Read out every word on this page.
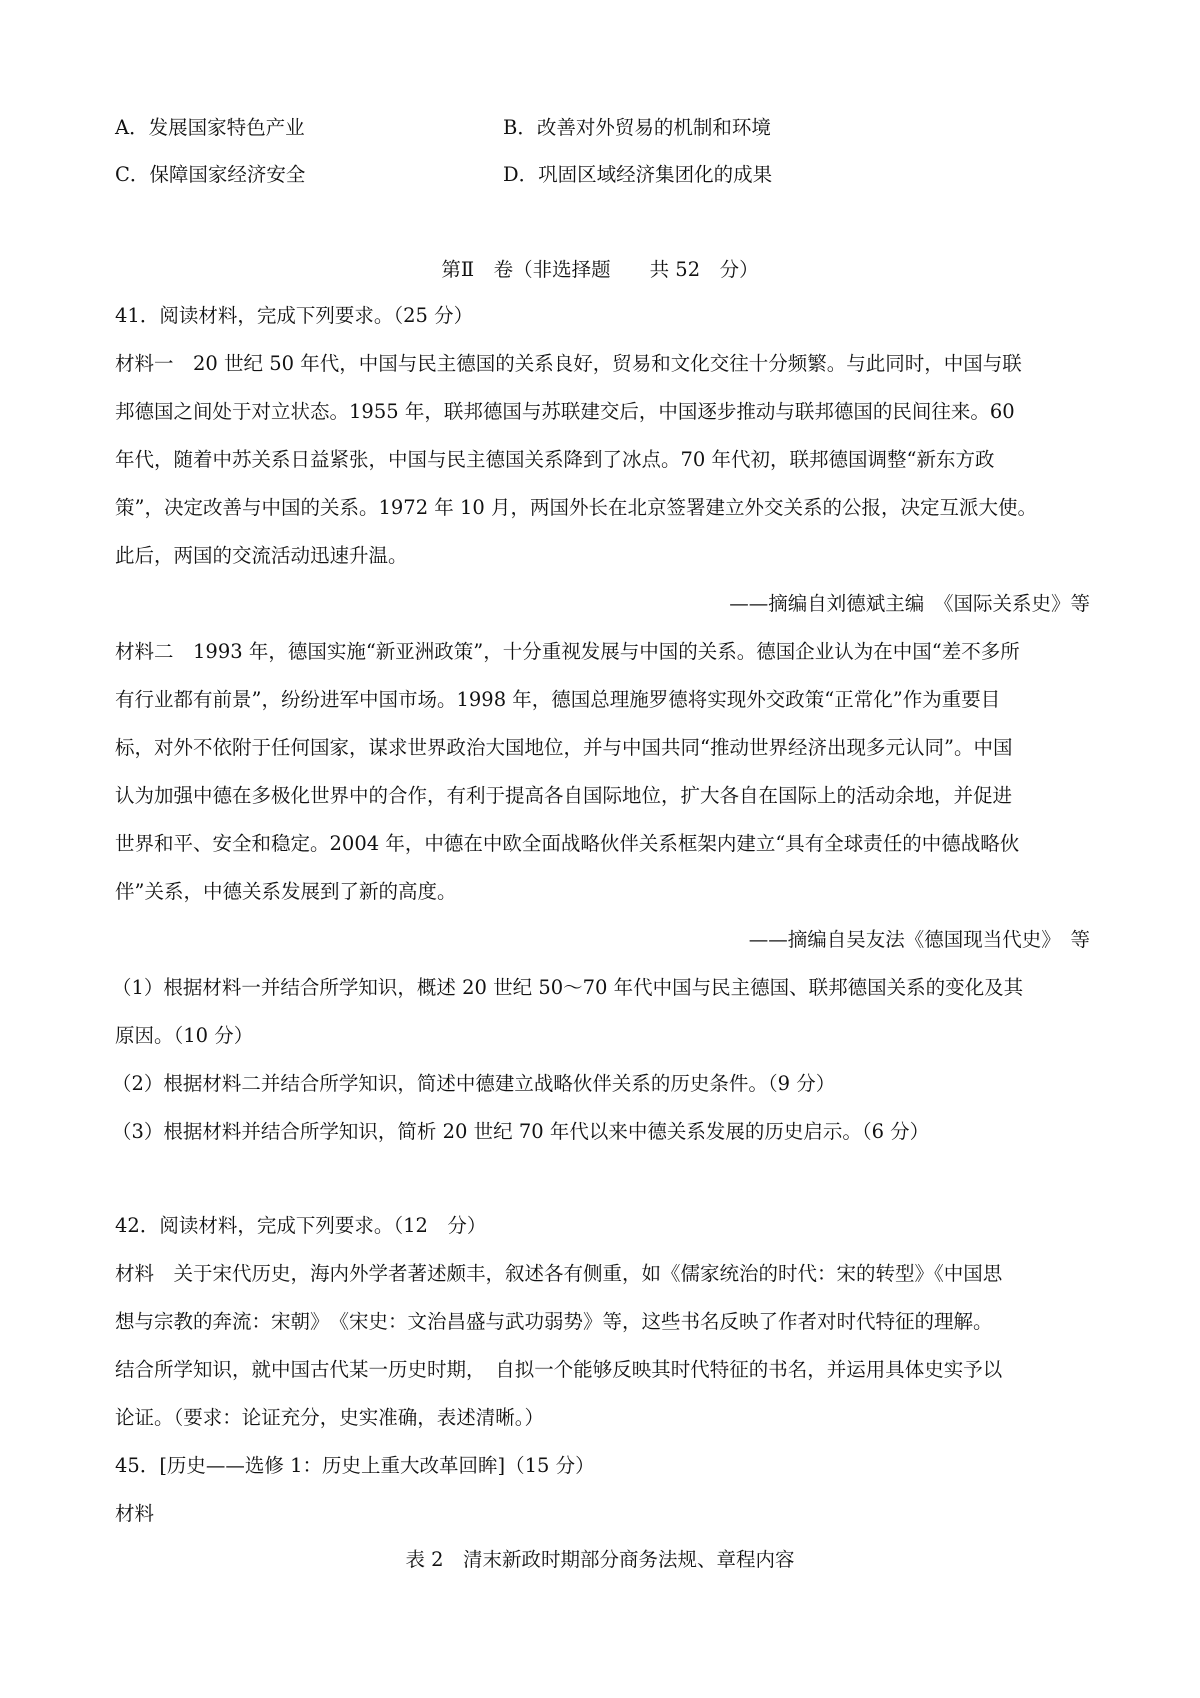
A．发展国家特色产业	B．改善对外贸易的机制和环境
C．保障国家经济安全	D．巩固区域经济集团化的成果
第Ⅱ　卷（非选择题　　共 52　分）
41．阅读材料，完成下列要求。（25 分）
材料一　20 世纪 50 年代，中国与民主德国的关系良好，贸易和文化交往十分频繁。与此同时，中国与联
邦德国之间处于对立状态。1955 年，联邦德国与苏联建交后，中国逐步推动与联邦德国的民间往来。60
年代，随着中苏关系日益紧张，中国与民主德国关系降到了冰点。70 年代初，联邦德国调整“新东方政
策”，决定改善与中国的关系。1972 年 10 月，两国外长在北京签署建立外交关系的公报，决定互派大使。
此后，两国的交流活动迅速升温。
——摘编自刘德斌主编　《国际关系史》等
材料二　1993 年，德国实施“新亚洲政策”，十分重视发展与中国的关系。德国企业认为在中国“差不多所
有行业都有前景”，纷纷进军中国市场。1998 年，德国总理施罗德将实现外交政策“正常化”作为重要目
标，对外不依附于任何国家，谋求世界政治大国地位，并与中国共同“推动世界经济出现多元认同”。中国
认为加强中德在多极化世界中的合作，有利于提高各自国际地位，扩大各自在国际上的活动余地，并促进
世界和平、安全和稳定。2004 年，中德在中欧全面战略伙伴关系框架内建立“具有全球责任的中德战略伙
伴”关系，中德关系发展到了新的高度。
——摘编自吴友法《德国现当代史》　等
（1）根据材料一并结合所学知识，概述 20 世纪 50～70 年代中国与民主德国、联邦德国关系的变化及其
原因。（10 分）
（2）根据材料二并结合所学知识，简述中德建立战略伙伴关系的历史条件。（9 分）
（3）根据材料并结合所学知识，简析 20 世纪 70 年代以来中德关系发展的历史启示。（6 分）
42．阅读材料，完成下列要求。（12　分）
材料　关于宋代历史，海内外学者著述颇丰，叙述各有侧重，如《儒家统治的时代：宋的转型》《中国思
想与宗教的奔流：宋朝》　《宋史：文治昌盛与武功弱势》等，这些书名反映了作者对时代特征的理解。
结合所学知识，就中国古代某一历史时期，　自拟一个能够反映其时代特征的书名，并运用具体史实予以
论证。（要求：论证充分，史实准确，表述清晰。）
45．[历史——选修 1：历史上重大改革回眸]（15 分）
材料
表 2　清末新政时期部分商务法规、章程内容
